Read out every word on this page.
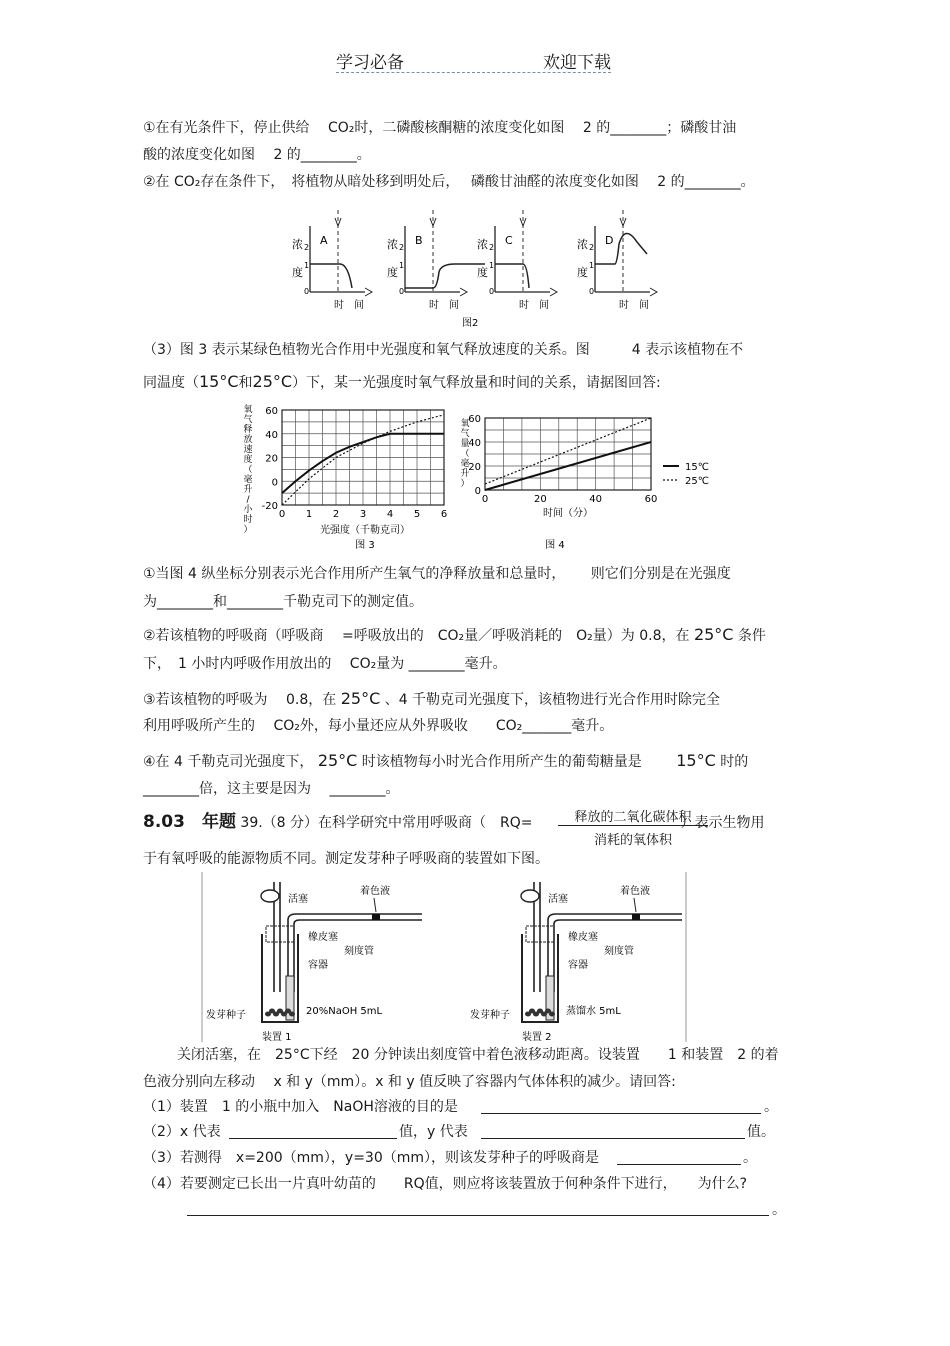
学习必备	欢迎下载
①在有光条件下，停止供给　 CO₂时，二磷酸核酮糖的浓度变化如图　 2 的________；磷酸甘油
酸的浓度变化如图　 2 的________。
②在 CO₂存在条件下，　将植物从暗处移到明处后，　 磷酸甘油醛的浓度变化如图　 2 的________。
浓
度
2
1
0
A
时　间
浓
度
2
1
0
B
时　间
浓
度
2
1
0
C
时　间
浓
度
2
1
0
D
时　间
图2
（3）图 3 表示某绿色植物光合作用中光强度和氧气释放速度的关系。图　　　4 表示该植物在不
同温度（15°C和25°C）下，某一光强度时氧气释放量和时间的关系，请据图回答:
0 1 2 3 4 5 6
60
40
20
0
-20
氧
气
释
放
速
度
（
毫
升
/
小
时
）	光强度（千勒克司）
图 3
0	20	40	60
60
40
20
0
氧
气
量
（
毫
升
）
时间（分）
图 4
15℃
25℃
①当图 4 纵坐标分别表示光合作用所产生氧气的净释放量和总量时，　　 则它们分别是在光强度
为________和________千勒克司下的测定值。
②若该植物的呼吸商（呼吸商　 =呼吸放出的　CO₂量／呼吸消耗的　O₂量）为 0.8，在 25°C 条件
下，　1 小时内呼吸作用放出的　 CO₂量为 ________毫升。
③若该植物的呼吸为　 0.8，在 25°C 、4 千勒克司光强度下，该植物进行光合作用时除完全
利用呼吸所产生的　 CO₂外，每小量还应从外界吸收　　CO₂_______毫升。
④在 4 千勒克司光强度下， 25°C 时该植物每小时光合作用所产生的葡萄糖量是 15°C 时的
________倍，这主要是因为　 ________。
8.03　年题 39.（8 分）在科学研究中常用呼吸商（　RQ=	）表示生物用
释放的二氧化碳体积
消耗的氧体积
于有氧呼吸的能源物质不同。测定发芽种子呼吸商的装置如下图。
活塞
着色液
橡皮塞
刻度管
容器
20%NaOH 5mL
装置 1
活塞
着色液
橡皮塞
刻度管
容器
蒸馏水 5mL
装置 2
发芽种子	发芽种子
关闭活塞，在　25°C下经　20 分钟读出刻度管中着色液移动距离。设装置　　1 和装置　2 的着
色液分别向左移动　 x 和 y（mm）。x 和 y 值反映了容器内气体体积的减少。请回答:
（1）装置　1 的小瓶中加入　NaOH溶液的目的是	。
（2）x 代表	值，y 代表	值。
（3）若测得　x=200（mm），y=30（mm），则该发芽种子的呼吸商是	。
（4）若要测定已长出一片真叶幼苗的　　RQ值，则应将该装置放于何种条件下进行，　　为什么?
。
